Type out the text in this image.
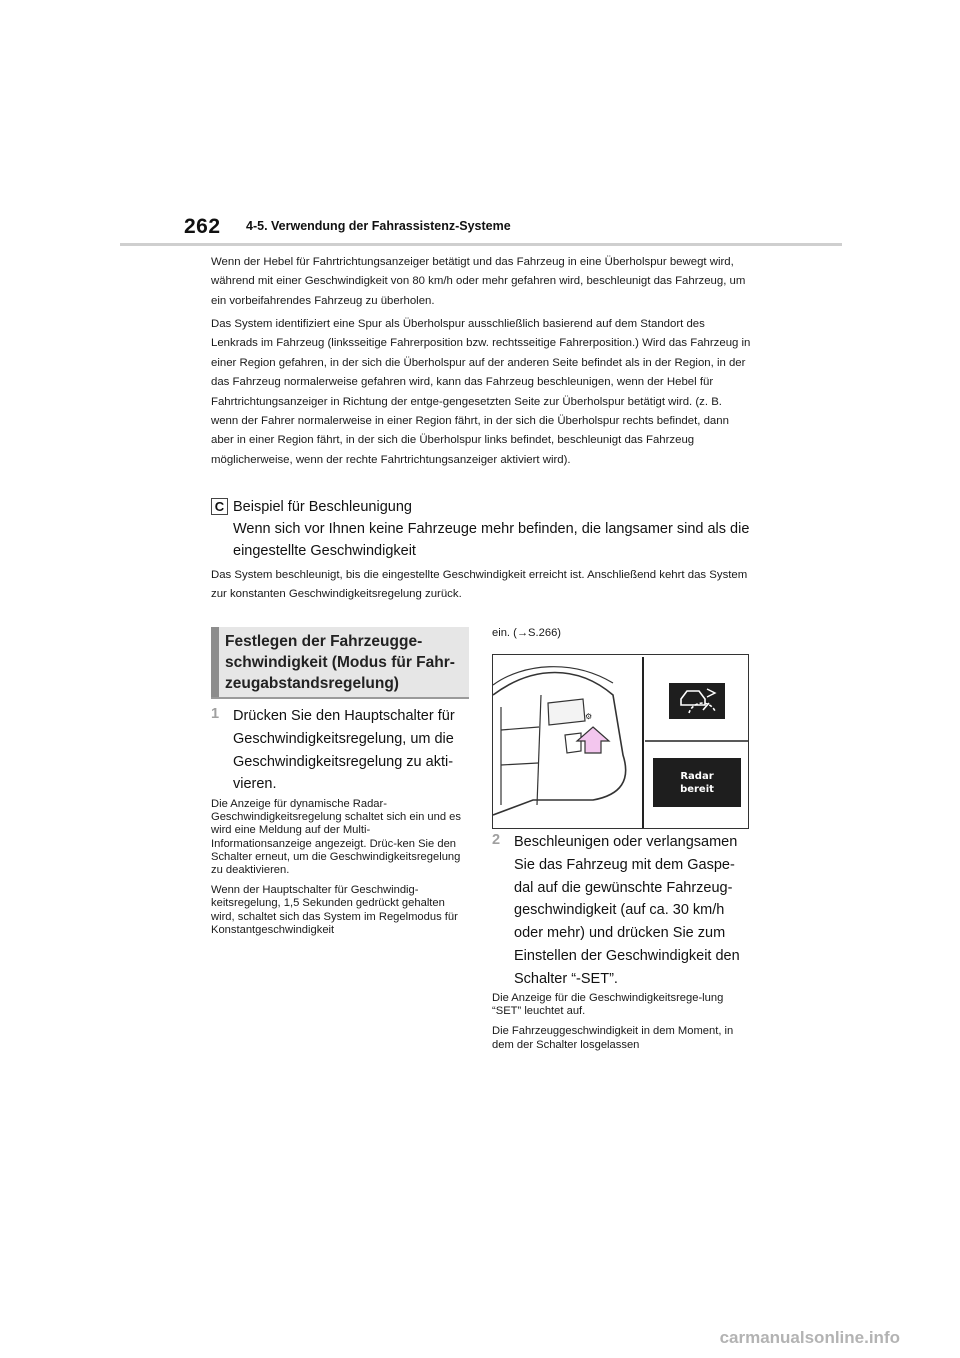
262 4-5. Verwendung der Fahrassistenz-Systeme

Wenn der Hebel für Fahrtrichtungsanzeiger betätigt und das Fahrzeug in eine Überholspur bewegt wird, während mit einer Geschwindigkeit von 80 km/h oder mehr gefahren wird, beschleunigt das Fahrzeug, um ein vorbeifahrendes Fahrzeug zu überholen.

Das System identifiziert eine Spur als Überholspur ausschließlich basierend auf dem Standort des Lenkrads im Fahrzeug (linksseitige Fahrerposition bzw. rechtsseitige Fahrerposition.) Wird das Fahrzeug in einer Region gefahren, in der sich die Überholspur auf der anderen Seite befindet als in der Region, in der das Fahrzeug normalerweise gefahren wird, kann das Fahrzeug beschleunigen, wenn der Hebel für Fahrtrichtungsanzeiger in Richtung der entge-gengesetzten Seite zur Überholspur betätigt wird. (z. B. wenn der Fahrer normalerweise in einer Region fährt, in der sich die Überholspur rechts befindet, dann aber in einer Region fährt, in der sich die Überholspur links befindet, beschleunigt das Fahrzeug möglicherweise, wenn der rechte Fahrtrichtungsanzeiger aktiviert wird).

C Beispiel für Beschleunigung
Wenn sich vor Ihnen keine Fahrzeuge mehr befinden, die langsamer sind als die eingestellte Geschwindigkeit

Das System beschleunigt, bis die eingestellte Geschwindigkeit erreicht ist. Anschließend kehrt das System zur konstanten Geschwindigkeitsregelung zurück.

Festlegen der Fahrzeugge-schwindigkeit (Modus für Fahr-zeugabstandsregelung)
1 Drücken Sie den Hauptschalter für Geschwindigkeitsregelung, um die Geschwindigkeitsregelung zu akti-vieren.

Die Anzeige für dynamische Radar-Geschwindigkeitsregelung schaltet sich ein und es wird eine Meldung auf der Multi-Informationsanzeige angezeigt. Drüc-ken Sie den Schalter erneut, um die Geschwindigkeitsregelung zu deaktivieren.

Wenn der Hauptschalter für Geschwindig-keitsregelung, 1,5 Sekunden gedrückt gehalten wird, schaltet sich das System im Regelmodus für Konstantgeschwindigkeit

ein. (→S.266)
⚙
Radar
bereit
2 Beschleunigen oder verlangsamen Sie das Fahrzeug mit dem Gaspe-dal auf die gewünschte Fahrzeug-geschwindigkeit (auf ca. 30 km/h oder mehr) und drücken Sie zum Einstellen der Geschwindigkeit den Schalter “-SET”.

Die Anzeige für die Geschwindigkeitsrege-lung “SET” leuchtet auf.

Die Fahrzeuggeschwindigkeit in dem Moment, in dem der Schalter losgelassen

carmanualsonline.info
